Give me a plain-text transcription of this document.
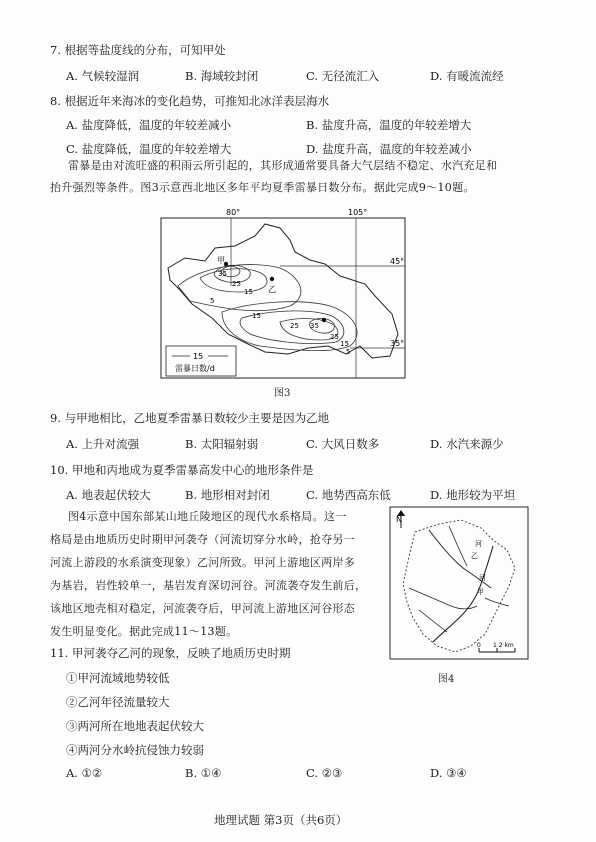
7. 根据等盐度线的分布，可知甲处
A. 气候较湿润	B. 海域较封闭	C. 无径流汇入	D. 有暖流流经
8. 根据近年来海冰的变化趋势，可推知北冰洋表层海水
A. 盐度降低，温度的年较差减小	B. 盐度升高，温度的年较差增大
C. 盐度降低，温度的年较差增大	D. 盐度升高，温度的年较差减小
雷暴是由对流旺盛的积雨云所引起的，其形成通常要具备大气层结不稳定、水汽充足和
抬升强烈等条件。图3示意西北地区多年平均夏季雷暴日数分布。据此完成9～10题。
80°	105°
45°
35°
35
25
15
5
15
25 35
25
15
5
甲
乙
15
雷暴日数/d
图3
9. 与甲地相比，乙地夏季雷暴日数较少主要是因为乙地
A. 上升对流强	B. 太阳辐射弱	C. 大风日数多	D. 水汽来源少
10. 甲地和丙地成为夏季雷暴高发中心的地形条件是
A. 地表起伏较大	B. 地形相对封闭	C. 地势西高东低	D. 地形较为平坦
图4示意中国东部某山地丘陵地区的现代水系格局。这一
格局是由地质历史时期甲河袭夺（河流切穿分水岭，抢夺另一
河流上游段的水系演变现象）乙河所致。甲河上游地区两岸多
为基岩，岩性较单一，基岩发育深切河谷。河流袭夺发生前后，
该地区地壳相对稳定，河流袭夺后，甲河流上游地区河谷形态
发生明显变化。据此完成11～13题。
N
河
乙
河
甲
0 1 2 km
图4
11. 甲河袭夺乙河的现象，反映了地质历史时期
①甲河流域地势较低
②乙河年径流量较大
③两河所在地地表起伏较大
④两河分水岭抗侵蚀力较弱
A. ①②	B. ①④	C. ②③	D. ③④
地理试题 第3页（共6页）
